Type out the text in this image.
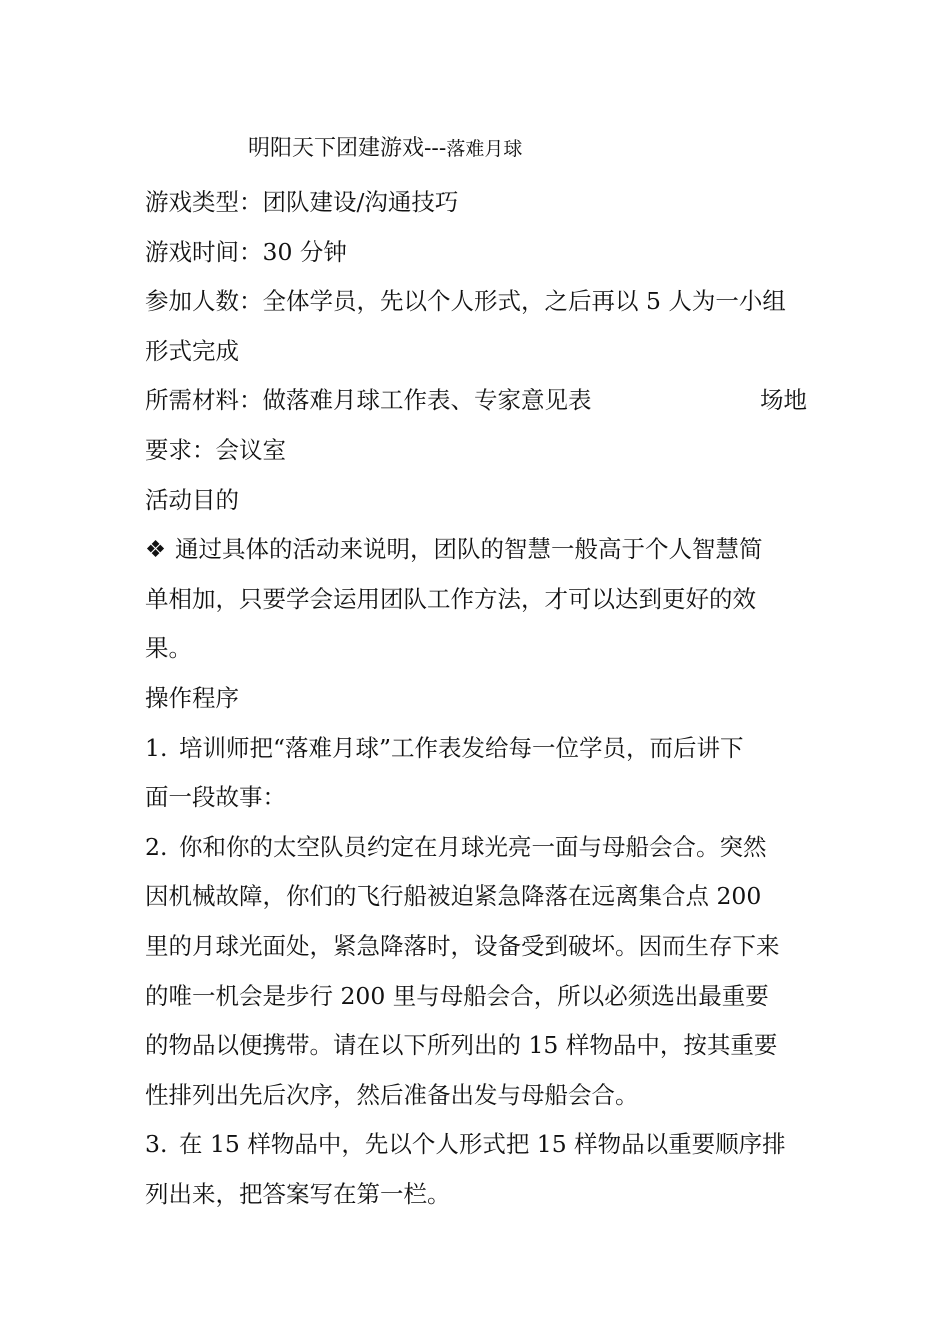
明阳天下团建游戏---落难月球
游戏类型：团队建设/沟通技巧
游戏时间：30 分钟
参加人数：全体学员，先以个人形式，之后再以 5 人为一小组
形式完成
所需材料：做落难月球工作表、专家意见表	场地
要求：会议室
活动目的
❖ 通过具体的活动来说明，团队的智慧一般高于个人智慧简
单相加，只要学会运用团队工作方法，才可以达到更好的效
果。
操作程序
1. 培训师把“落难月球”工作表发给每一位学员，而后讲下
面一段故事：
2. 你和你的太空队员约定在月球光亮一面与母船会合。突然
因机械故障，你们的飞行船被迫紧急降落在远离集合点 200
里的月球光面处，紧急降落时，设备受到破坏。因而生存下来
的唯一机会是步行 200 里与母船会合，所以必须选出最重要
的物品以便携带。请在以下所列出的 15 样物品中，按其重要
性排列出先后次序，然后准备出发与母船会合。
3. 在 15 样物品中，先以个人形式把 15 样物品以重要顺序排
列出来，把答案写在第一栏。
